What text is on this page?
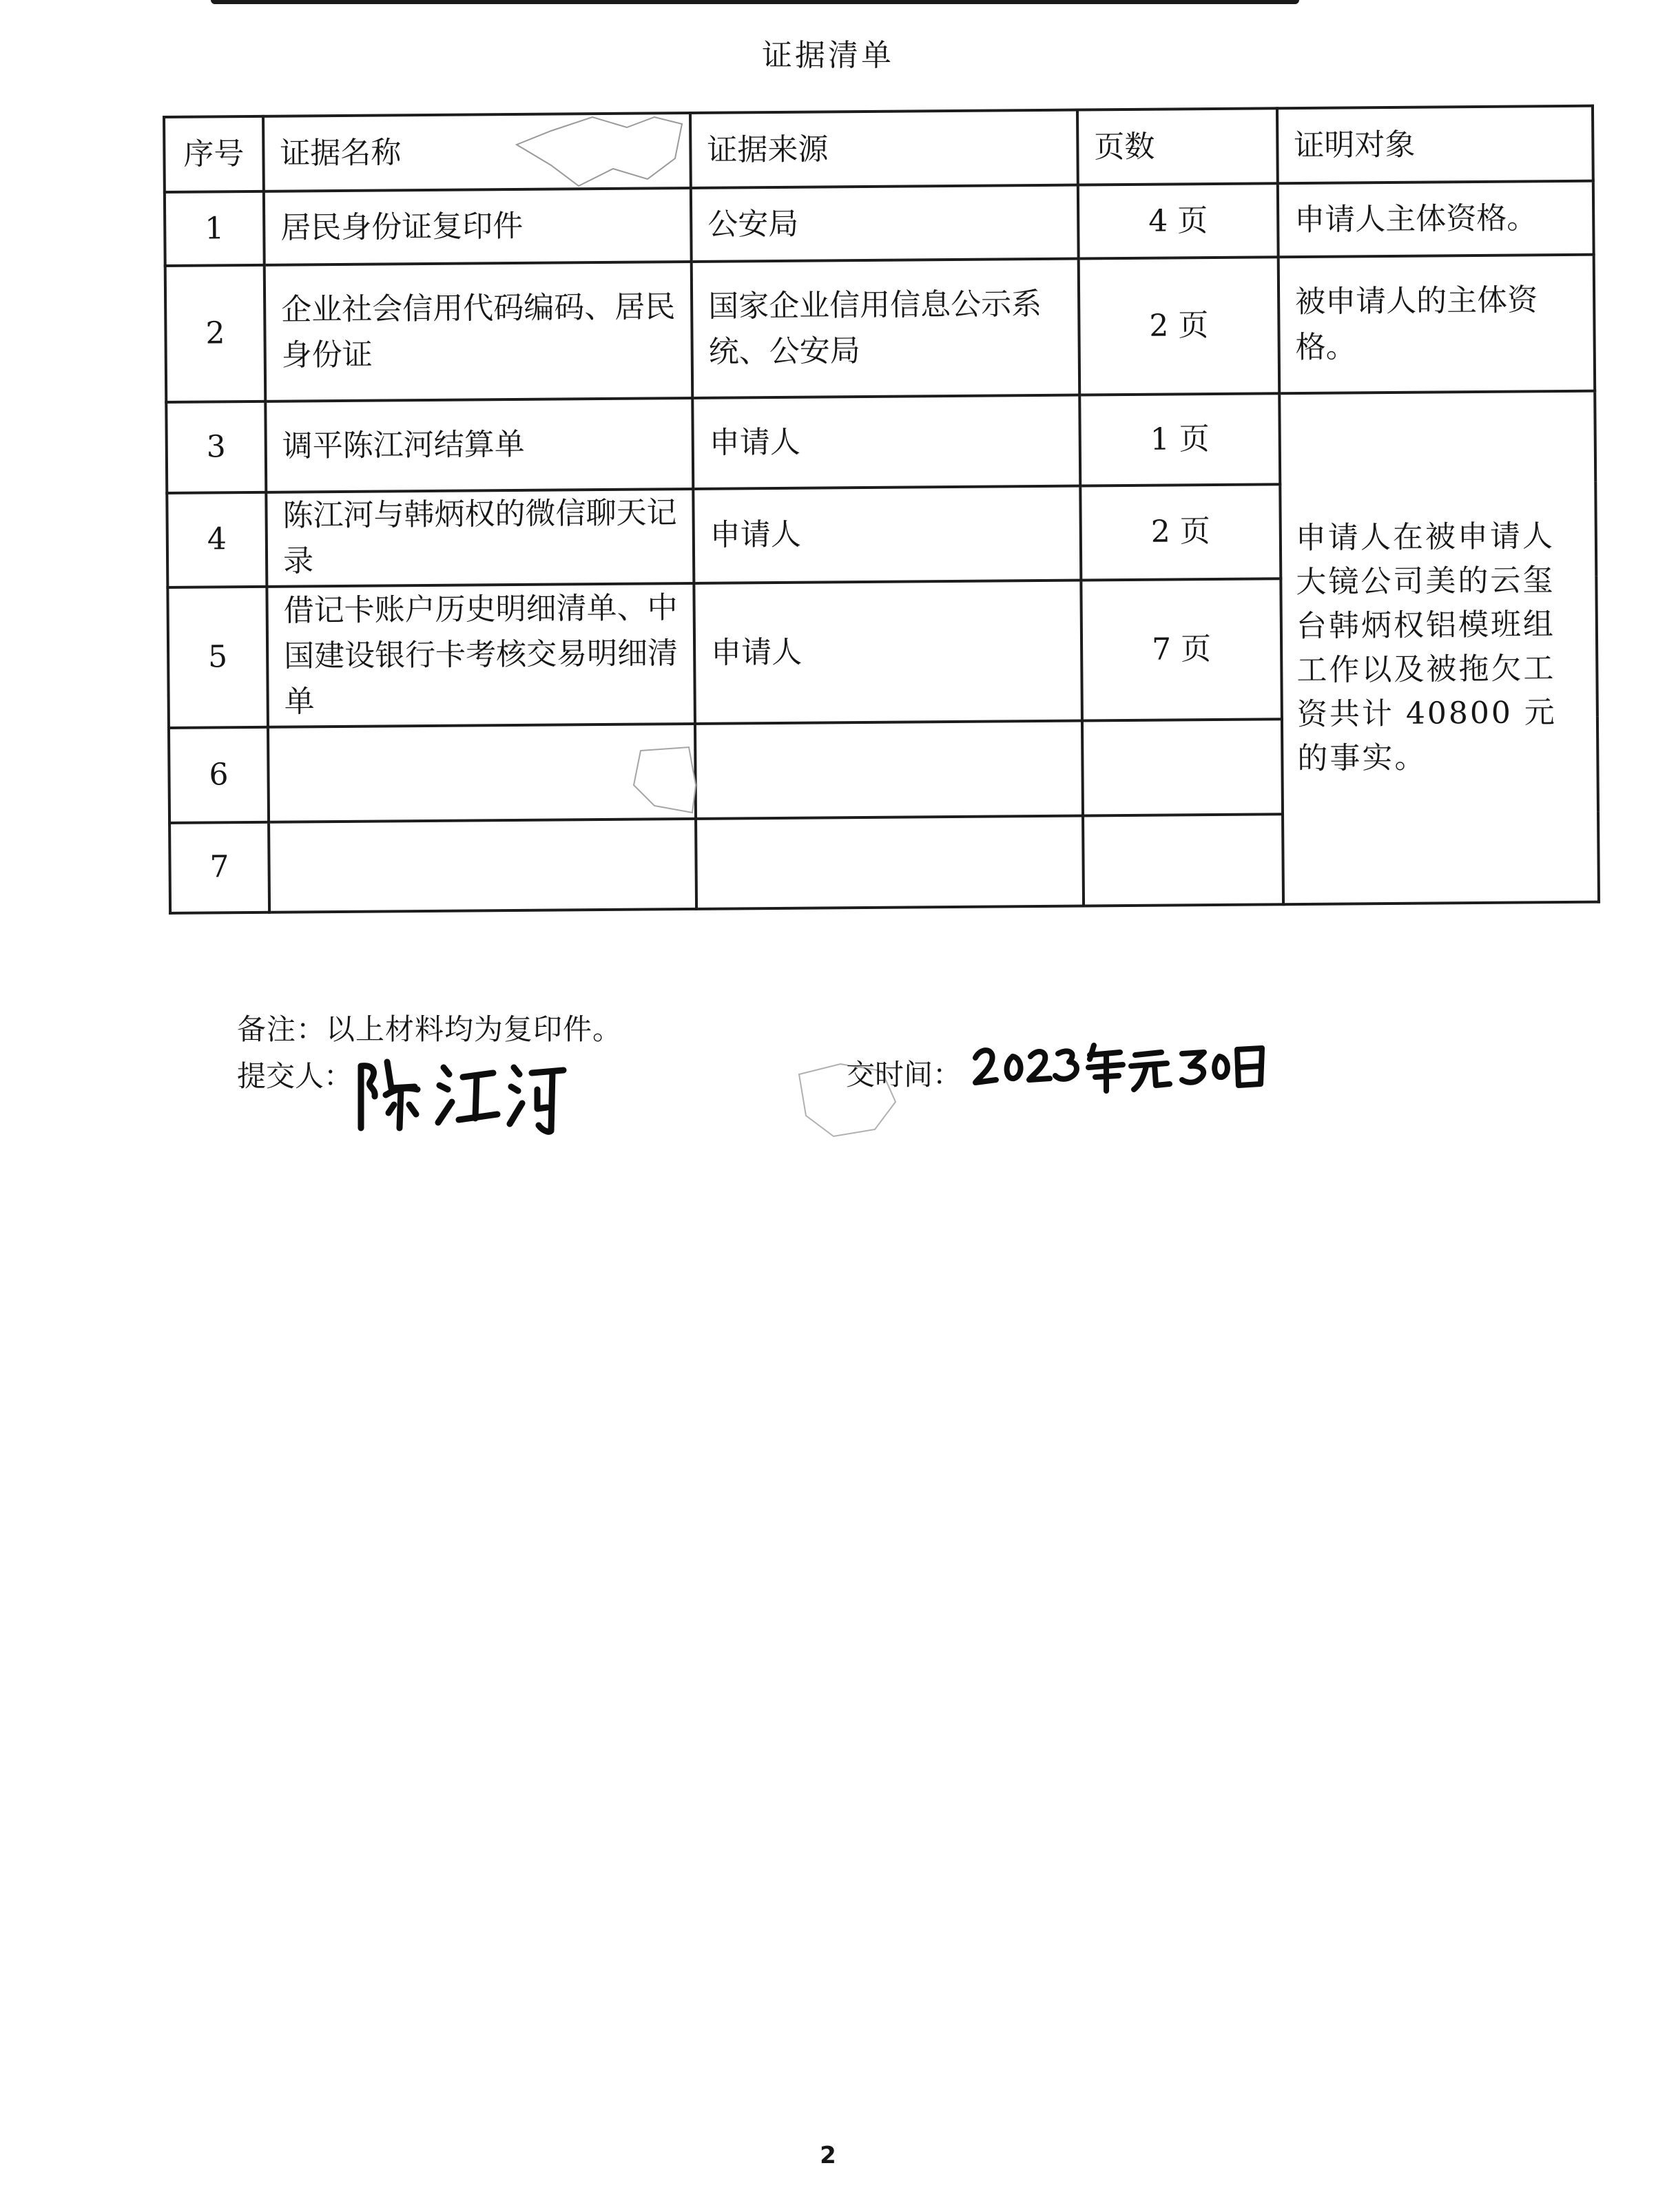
证据清单
序号	证据名称	证据来源	页数	证明对象
1	居民身份证复印件	公安局	4 页	申请人主体资格。
2	企业社会信用代码编码、居民身份证	国家企业信用信息公示系统、公安局	2 页	被申请人的主体资格。
3	调平陈江河结算单	申请人	1 页	申请人在被申请人大镜公司美的云玺台韩炳权铝模班组工作以及被拖欠工资共计 40800 元的事实。
4	陈江河与韩炳权的微信聊天记录	申请人	2 页	
5	借记卡账户历史明细清单、中国建设银行卡考核交易明细清单	申请人	7 页	
6				
7				
备注：以上材料均为复印件。
提交人：	交时间：
2
